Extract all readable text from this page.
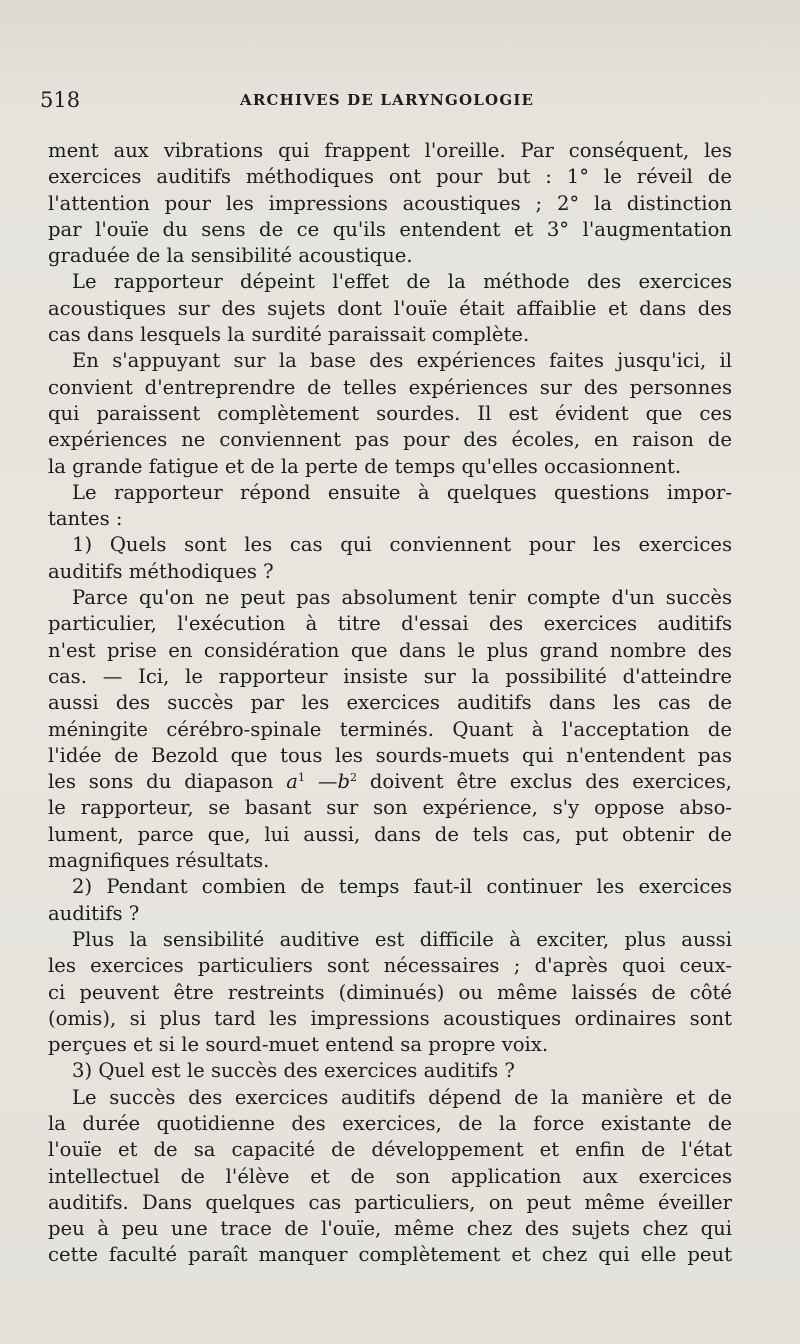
518	ARCHIVES DE LARYNGOLOGIE
ment aux vibrations qui frappent l'oreille. Par conséquent, les
exercices auditifs méthodiques ont pour but : 1° le réveil de
l'attention pour les impressions acoustiques ; 2° la distinction
par l'ouïe du sens de ce qu'ils entendent et 3° l'augmentation
graduée de la sensibilité acoustique.
Le rapporteur dépeint l'effet de la méthode des exercices
acoustiques sur des sujets dont l'ouïe était affaiblie et dans des
cas dans lesquels la surdité paraissait complète.
En s'appuyant sur la base des expériences faites jusqu'ici, il
convient d'entreprendre de telles expériences sur des personnes
qui paraissent complètement sourdes. Il est évident que ces
expériences ne conviennent pas pour des écoles, en raison de
la grande fatigue et de la perte de temps qu'elles occasionnent.
Le rapporteur répond ensuite à quelques questions impor-
tantes :
1) Quels sont les cas qui conviennent pour les exercices
auditifs méthodiques ?
Parce qu'on ne peut pas absolument tenir compte d'un succès
particulier, l'exécution à titre d'essai des exercices auditifs
n'est prise en considération que dans le plus grand nombre des
cas. — Ici, le rapporteur insiste sur la possibilité d'atteindre
aussi des succès par les exercices auditifs dans les cas de
méningite cérébro-spinale terminés. Quant à l'acceptation de
l'idée de Bezold que tous les sourds-muets qui n'entendent pas
les sons du diapason $a^1$ $—b^2$ doivent être exclus des exercices,
le rapporteur, se basant sur son expérience, s'y oppose abso-
lument, parce que, lui aussi, dans de tels cas, put obtenir de
magnifiques résultats.
2) Pendant combien de temps faut-il continuer les exercices
auditifs ?
Plus la sensibilité auditive est difficile à exciter, plus aussi
les exercices particuliers sont nécessaires ; d'après quoi ceux-
ci peuvent être restreints (diminués) ou même laissés de côté
(omis), si plus tard les impressions acoustiques ordinaires sont
perçues et si le sourd-muet entend sa propre voix.
3) Quel est le succès des exercices auditifs ?
Le succès des exercices auditifs dépend de la manière et de
la durée quotidienne des exercices, de la force existante de
l'ouïe et de sa capacité de développement et enfin de l'état
intellectuel de l'élève et de son application aux exercices
auditifs. Dans quelques cas particuliers, on peut même éveiller
peu à peu une trace de l'ouïe, même chez des sujets chez qui
cette faculté paraît manquer complètement et chez qui elle peut
